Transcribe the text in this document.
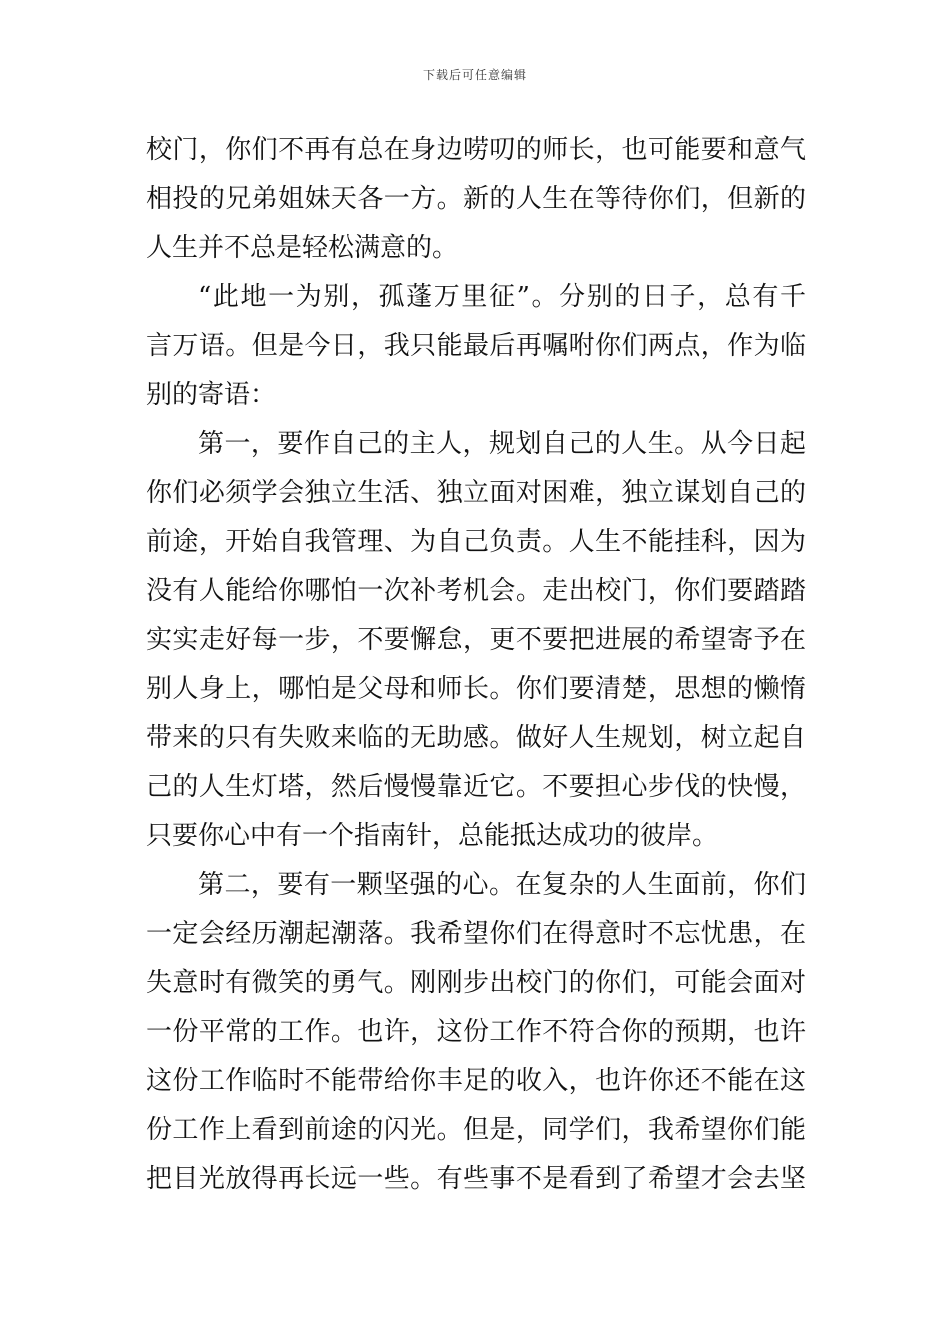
下载后可任意编辑
校门，你们不再有总在身边唠叨的师长，也可能要和意气
相投的兄弟姐妹天各一方。新的人生在等待你们，但新的
人生并不总是轻松满意的。
“此地一为别，孤蓬万里征”。分别的日子，总有千
言万语。但是今日，我只能最后再嘱咐你们两点，作为临
别的寄语：
第一，要作自己的主人，规划自己的人生。从今日起
你们必须学会独立生活、独立面对困难，独立谋划自己的
前途，开始自我管理、为自己负责。人生不能挂科，因为
没有人能给你哪怕一次补考机会。走出校门，你们要踏踏
实实走好每一步，不要懈怠，更不要把进展的希望寄予在
别人身上，哪怕是父母和师长。你们要清楚，思想的懒惰
带来的只有失败来临的无助感。做好人生规划，树立起自
己的人生灯塔，然后慢慢靠近它。不要担心步伐的快慢，
只要你心中有一个指南针，总能抵达成功的彼岸。
第二，要有一颗坚强的心。在复杂的人生面前，你们
一定会经历潮起潮落。我希望你们在得意时不忘忧患，在
失意时有微笑的勇气。刚刚步出校门的你们，可能会面对
一份平常的工作。也许，这份工作不符合你的预期，也许
这份工作临时不能带给你丰足的收入，也许你还不能在这
份工作上看到前途的闪光。但是，同学们，我希望你们能
把目光放得再长远一些。有些事不是看到了希望才会去坚
